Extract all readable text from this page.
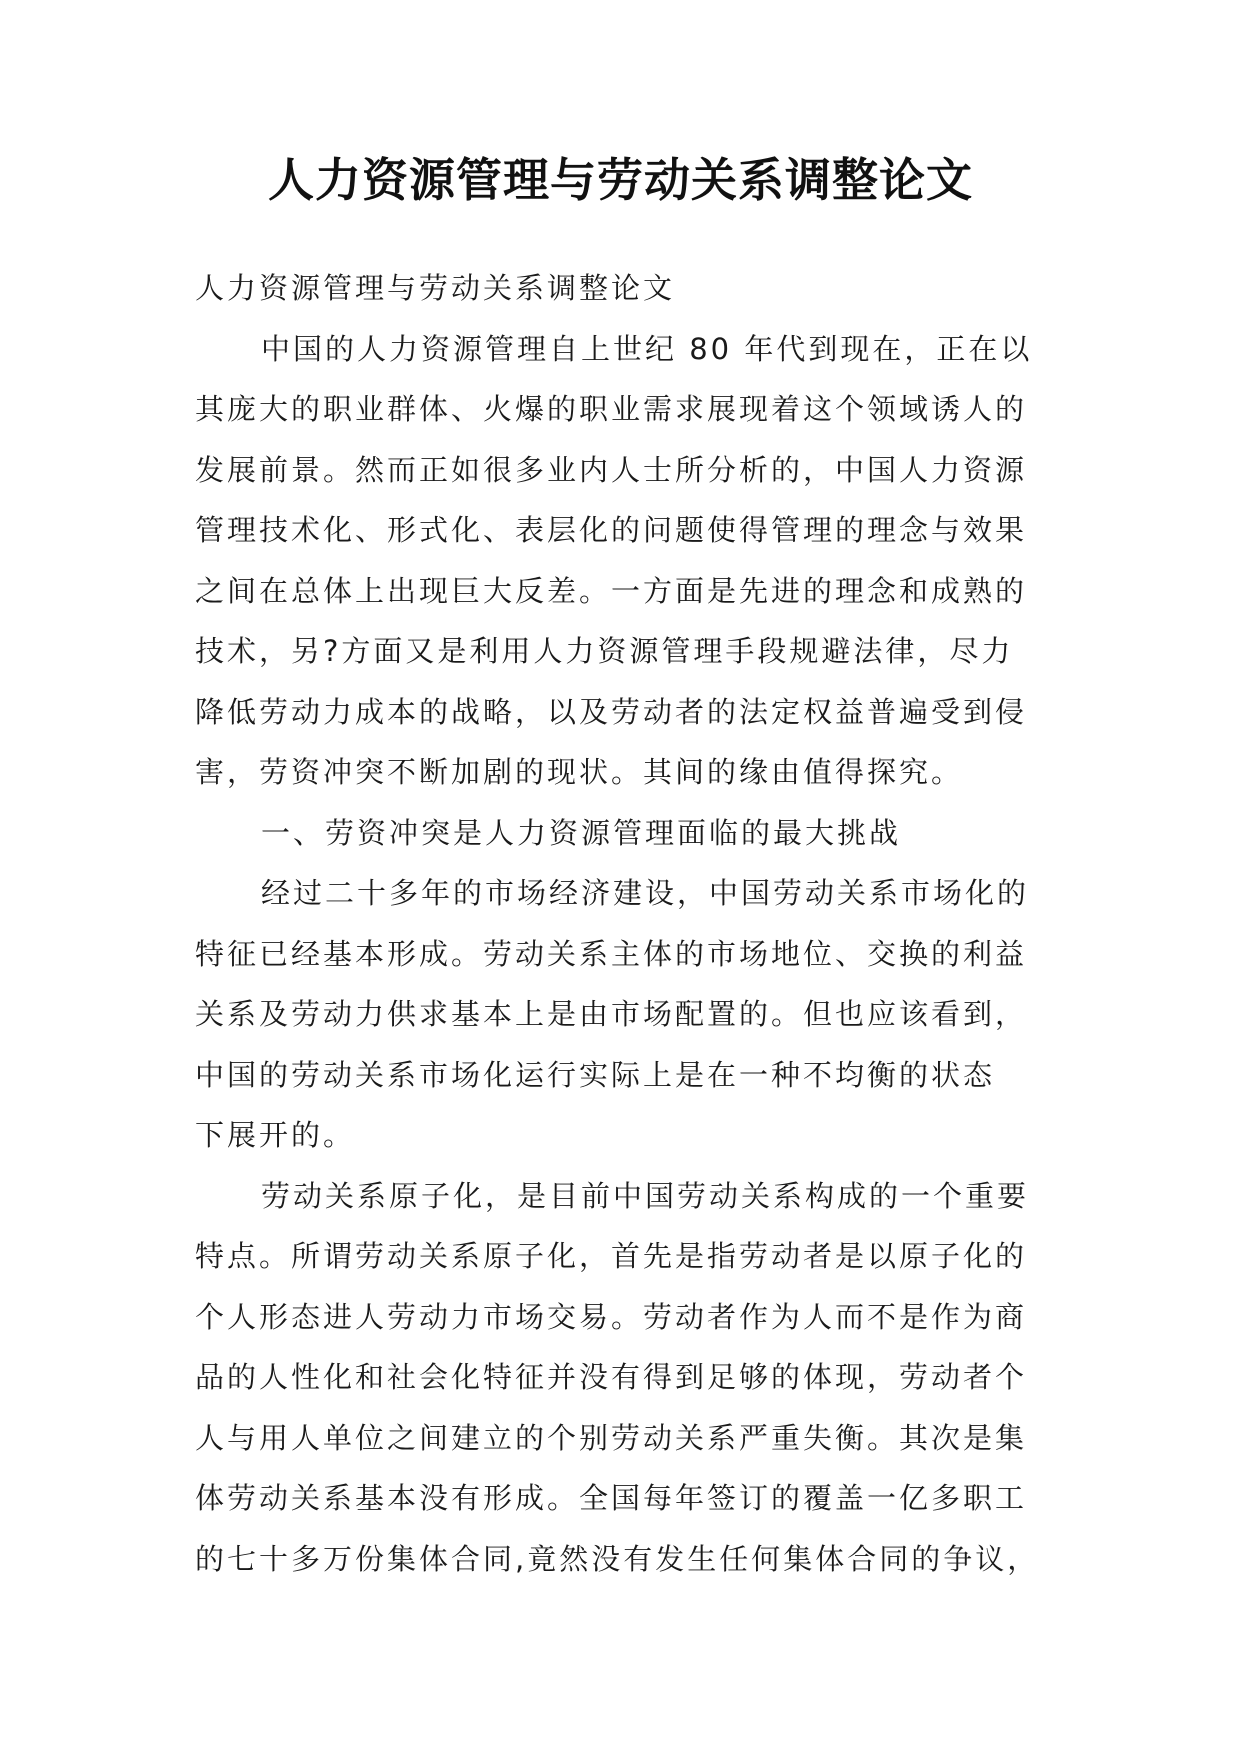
人力资源管理与劳动关系调整论文
人力资源管理与劳动关系调整论文
中国的人力资源管理自上世纪 80 年代到现在，正在以
其庞大的职业群体、火爆的职业需求展现着这个领域诱人的
发展前景。然而正如很多业内人士所分析的，中国人力资源
管理技术化、形式化、表层化的问题使得管理的理念与效果
之间在总体上出现巨大反差。一方面是先进的理念和成熟的
技术，另?方面又是利用人力资源管理手段规避法律，尽力
降低劳动力成本的战略，以及劳动者的法定权益普遍受到侵
害，劳资冲突不断加剧的现状。其间的缘由值得探究。
一、劳资冲突是人力资源管理面临的最大挑战
经过二十多年的市场经济建设，中国劳动关系市场化的
特征已经基本形成。劳动关系主体的市场地位、交换的利益
关系及劳动力供求基本上是由市场配置的。但也应该看到，
中国的劳动关系市场化运行实际上是在一种不均衡的状态
下展开的。
劳动关系原子化，是目前中国劳动关系构成的一个重要
特点。所谓劳动关系原子化，首先是指劳动者是以原子化的
个人形态进人劳动力市场交易。劳动者作为人而不是作为商
品的人性化和社会化特征并没有得到足够的体现，劳动者个
人与用人单位之间建立的个别劳动关系严重失衡。其次是集
体劳动关系基本没有形成。全国每年签订的覆盖一亿多职工
的七十多万份集体合同,竟然没有发生任何集体合同的争议，
